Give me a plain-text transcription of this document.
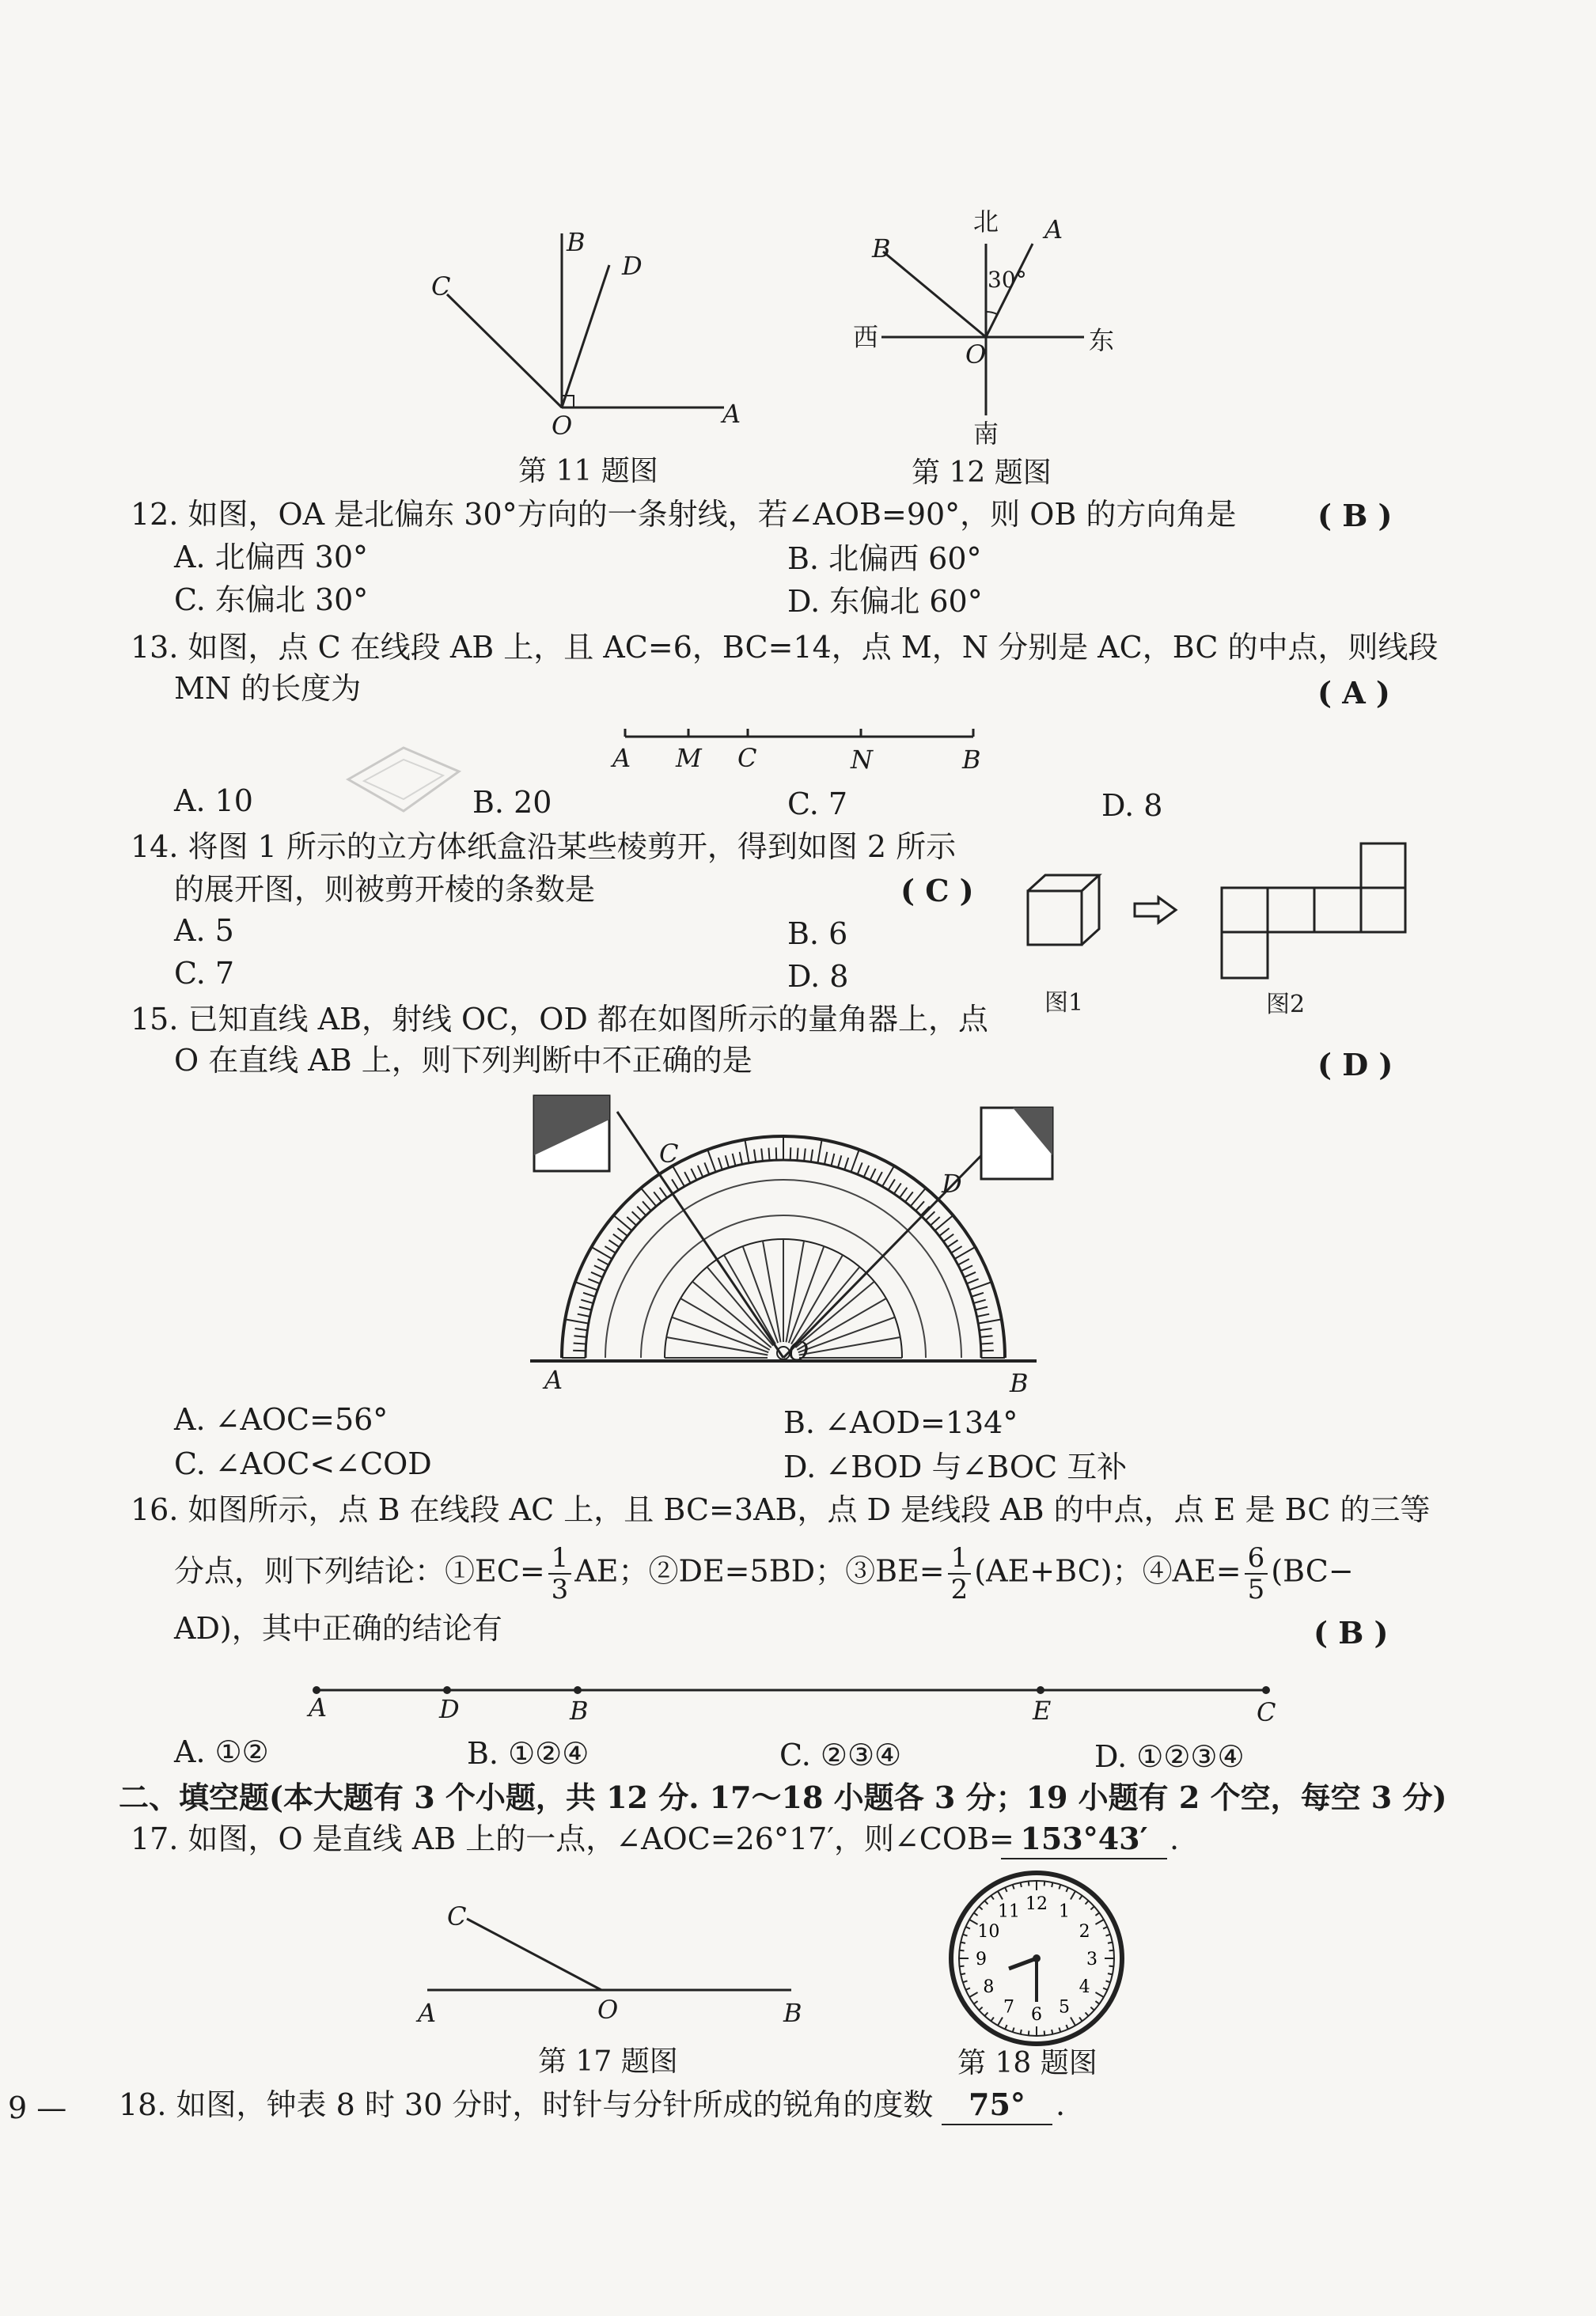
B
C
D
O	A
第 11 题图
北
南
西	东
A
B
O
30°
第 12 题图
12. 如图，OA 是北偏东 30°方向的一条射线，若∠AOB=90°，则 OB 的方向角是	( B )
A. 北偏西 30°	B. 北偏西 60°
C. 东偏北 30°	D. 东偏北 60°
13. 如图，点 C 在线段 AB 上，且 AC=6，BC=14，点 M，N 分别是 AC，BC 的中点，则线段
MN 的长度为	( A )
A M C	N	B
A. 10	B. 20	C. 7	D. 8
14. 将图 1 所示的立方体纸盒沿某些棱剪开，得到如图 2 所示
的展开图，则被剪开棱的条数是	( C )
A. 5	B. 6
C. 7	D. 8
图1	图2
15. 已知直线 AB，射线 OC，OD 都在如图所示的量角器上，点
O 在直线 AB 上，则下列判断中不正确的是	( D )
C
D
A	B
O
A. ∠AOC=56°	B. ∠AOD=134°
C. ∠AOC<∠COD	D. ∠BOD 与∠BOC 互补
16. 如图所示，点 B 在线段 AC 上，且 BC=3AB，点 D 是线段 AB 的中点，点 E 是 BC 的三等
分点，则下列结论：①EC= $\frac{1}{3}$ AE；②DE=5BD；③BE= $\frac{1}{2} (AE+BC)$；④AE= $\frac{6}{5} (BC-$
AD)，其中正确的结论有	( B )
A	D	B	E	C
A. ①②	B. ①②④	C. ②③④	D. ①②③④
二、填空题(本大题有 3 个小题，共 12 分. 17～18 小题各 3 分；19 小题有 2 个空，每空 3 分)
17. 如图，O 是直线 AB 上的一点，∠AOC=26°17′，则∠COB= 153°43′ .
C
A	O	B
第 17 题图
12 1
2
3
4
5
6
7
8
9
10
11
第 18 题图
18. 如图，钟表 8 时 30 分时，时针与分针所成的锐角的度数	75°	.
9 —
